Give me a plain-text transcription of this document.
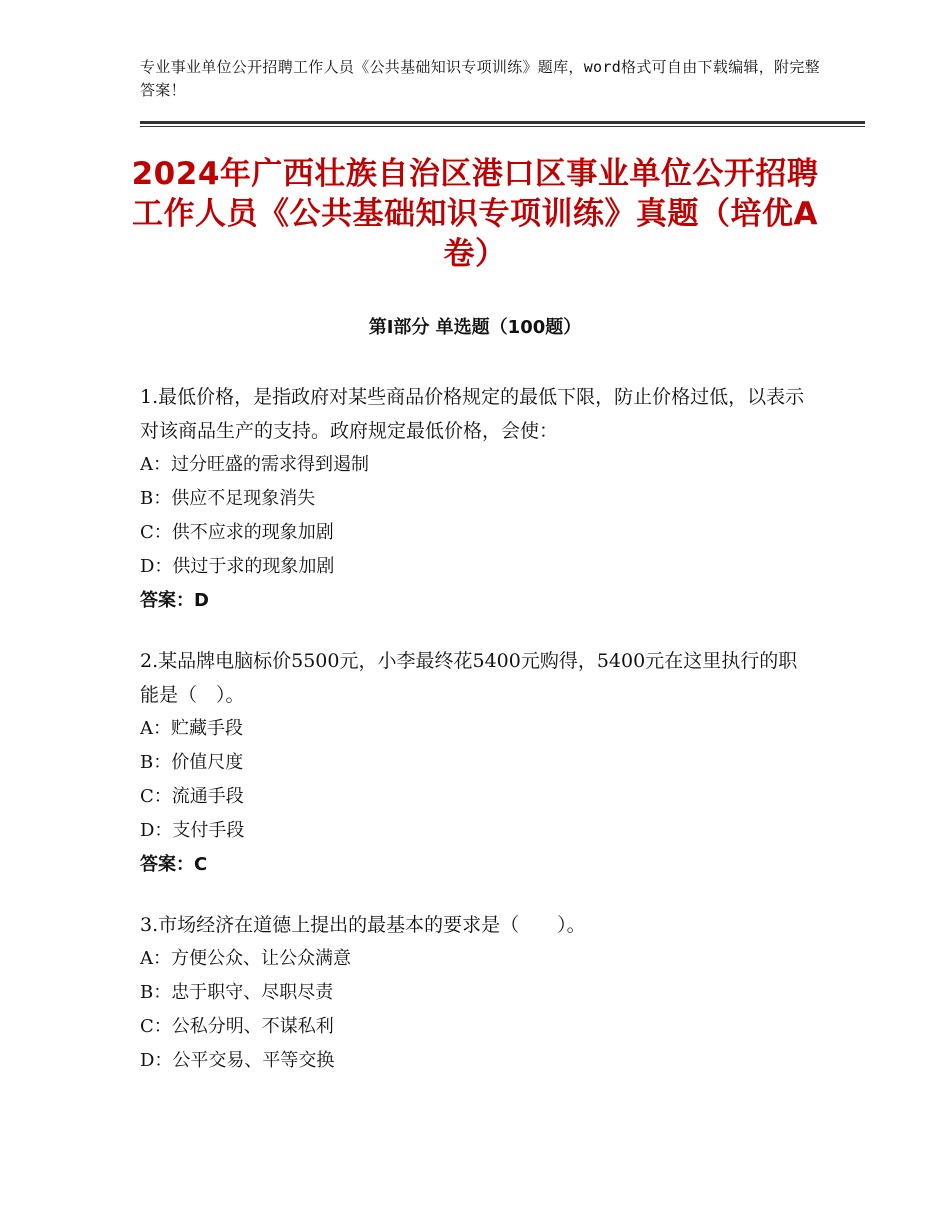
专业事业单位公开招聘工作人员《公共基础知识专项训练》题库，word格式可自由下载编辑，附完整答案！
2024年广西壮族自治区港口区事业单位公开招聘工作人员《公共基础知识专项训练》真题（培优A卷）
第Ⅰ部分 单选题（100题）

1.最低价格，是指政府对某些商品价格规定的最低下限，防止价格过低，以表示对该商品生产的支持。政府规定最低价格，会使：

A：过分旺盛的需求得到遏制

B：供应不足现象消失

C：供不应求的现象加剧

D：供过于求的现象加剧

答案：D

2.某品牌电脑标价5500元，小李最终花5400元购得，5400元在这里执行的职能是（　）。

A：贮藏手段

B：价值尺度

C：流通手段

D：支付手段

答案：C

3.市场经济在道德上提出的最基本的要求是（　　）。

A：方便公众、让公众满意

B：忠于职守、尽职尽责

C：公私分明、不谋私利

D：公平交易、平等交换
